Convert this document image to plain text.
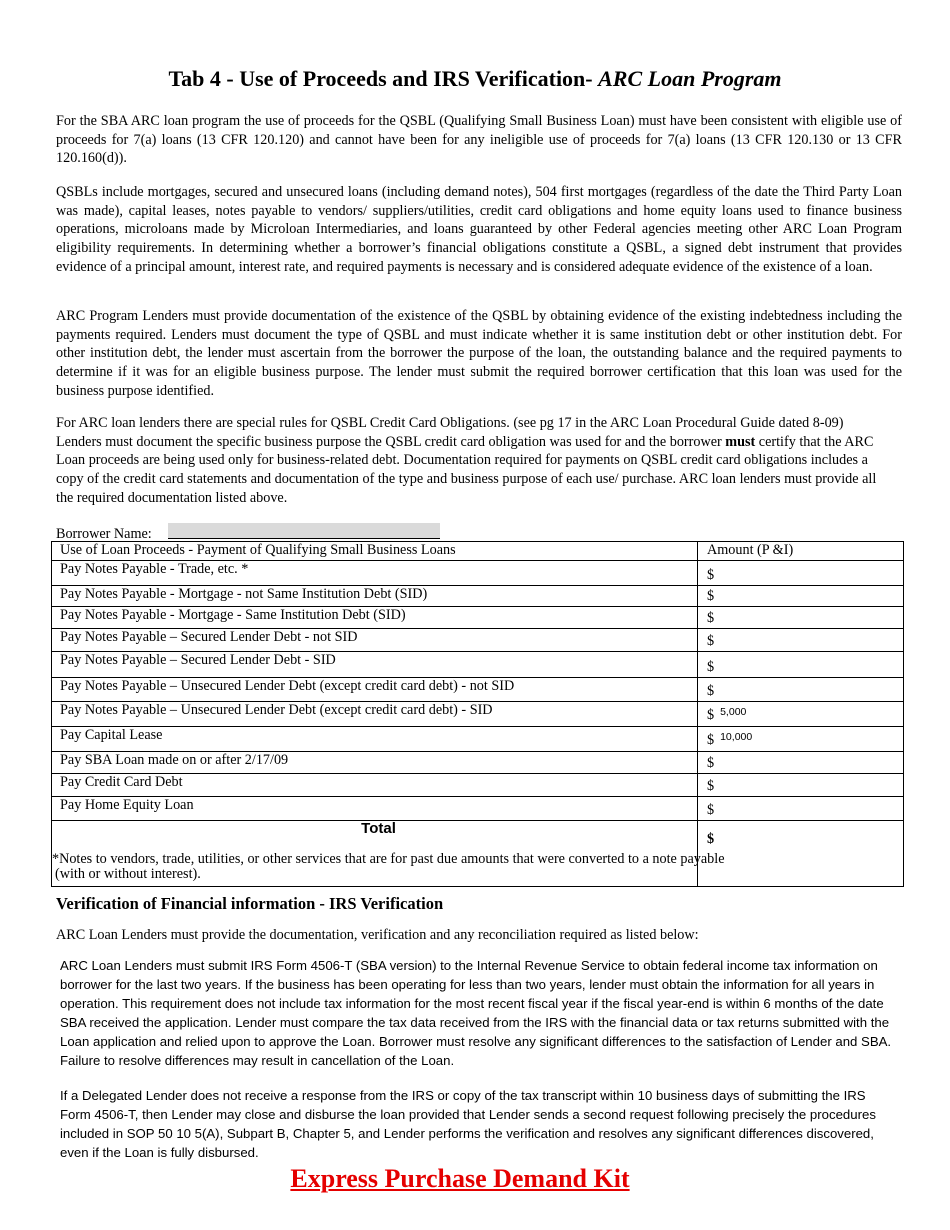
Tab 4 - Use of Proceeds and IRS Verification- ARC Loan Program
For the SBA ARC loan program the use of proceeds for the QSBL (Qualifying Small Business Loan) must have been consistent with eligible use of proceeds for 7(a) loans (13 CFR 120.120) and cannot have been for any ineligible use of proceeds for 7(a) loans (13 CFR 120.130 or 13 CFR 120.160(d)).
QSBLs include mortgages, secured and unsecured loans (including demand notes), 504 first mortgages (regardless of the date the Third Party Loan was made), capital leases, notes payable to vendors/ suppliers/utilities, credit card obligations and home equity loans used to finance business operations, microloans made by Microloan Intermediaries, and loans guaranteed by other Federal agencies meeting other ARC Loan Program eligibility requirements. In determining whether a borrower’s financial obligations constitute a QSBL, a signed debt instrument that provides evidence of a principal amount, interest rate, and required payments is necessary and is considered adequate evidence of the existence of a loan.
ARC Program Lenders must provide documentation of the existence of the QSBL by obtaining evidence of the existing indebtedness including the payments required. Lenders must document the type of QSBL and must indicate whether it is same institution debt or other institution debt. For other institution debt, the lender must ascertain from the borrower the purpose of the loan, the outstanding balance and the required payments to determine if it was for an eligible business purpose. The lender must submit the required borrower certification that this loan was used for the business purpose identified.
For ARC loan lenders there are special rules for QSBL Credit Card Obligations. (see pg 17 in the ARC Loan Procedural Guide dated 8-09) Lenders must document the specific business purpose the QSBL credit card obligation was used for and the borrower must certify that the ARC Loan proceeds are being used only for business-related debt. Documentation required for payments on QSBL credit card obligations includes a copy of the credit card statements and documentation of the type and business purpose of each use/ purchase. ARC loan lenders must provide all the required documentation listed above.
Borrower Name:
Use of Loan Proceeds - Payment of Qualifying Small Business Loans	Amount (P &I)
Pay Notes Payable - Trade, etc. *	$
Pay Notes Payable - Mortgage - not Same Institution Debt (SID)	$
Pay Notes Payable - Mortgage - Same Institution Debt (SID)	$
Pay Notes Payable – Secured Lender Debt - not SID	$
Pay Notes Payable – Secured Lender Debt - SID	$
Pay Notes Payable – Unsecured Lender Debt (except credit card debt) - not SID	$
Pay Notes Payable – Unsecured Lender Debt (except credit card debt) - SID	$ $^{5,000}$
Pay Capital Lease	$ $^{10,000}$
Pay SBA Loan made on or after 2/17/09	$
Pay Credit Card Debt	$
Pay Home Equity Loan	$

Total	$
*Notes to vendors, trade, utilities, or other services that are for past due amounts that were converted to a note payable
(with or without interest).
Verification of Financial information - IRS Verification
ARC Loan Lenders must provide the documentation, verification and any reconciliation required as listed below:
ARC Loan Lenders must submit IRS Form 4506-T (SBA version) to the Internal Revenue Service to obtain federal income tax information on borrower for the last two years. If the business has been operating for less than two years, lender must obtain the information for all years in operation. This requirement does not include tax information for the most recent fiscal year if the fiscal year-end is within 6 months of the date SBA received the application. Lender must compare the tax data received from the IRS with the financial data or tax returns submitted with the Loan application and relied upon to approve the Loan. Borrower must resolve any significant differences to the satisfaction of Lender and SBA. Failure to resolve differences may result in cancellation of the Loan.
If a Delegated Lender does not receive a response from the IRS or copy of the tax transcript within 10 business days of submitting the IRS Form 4506-T, then Lender may close and disburse the loan provided that Lender sends a second request following precisely the procedures included in SOP 50 10 5(A), Subpart B, Chapter 5, and Lender performs the verification and resolves any significant differences discovered, even if the Loan is fully disbursed.
Express Purchase Demand Kit
